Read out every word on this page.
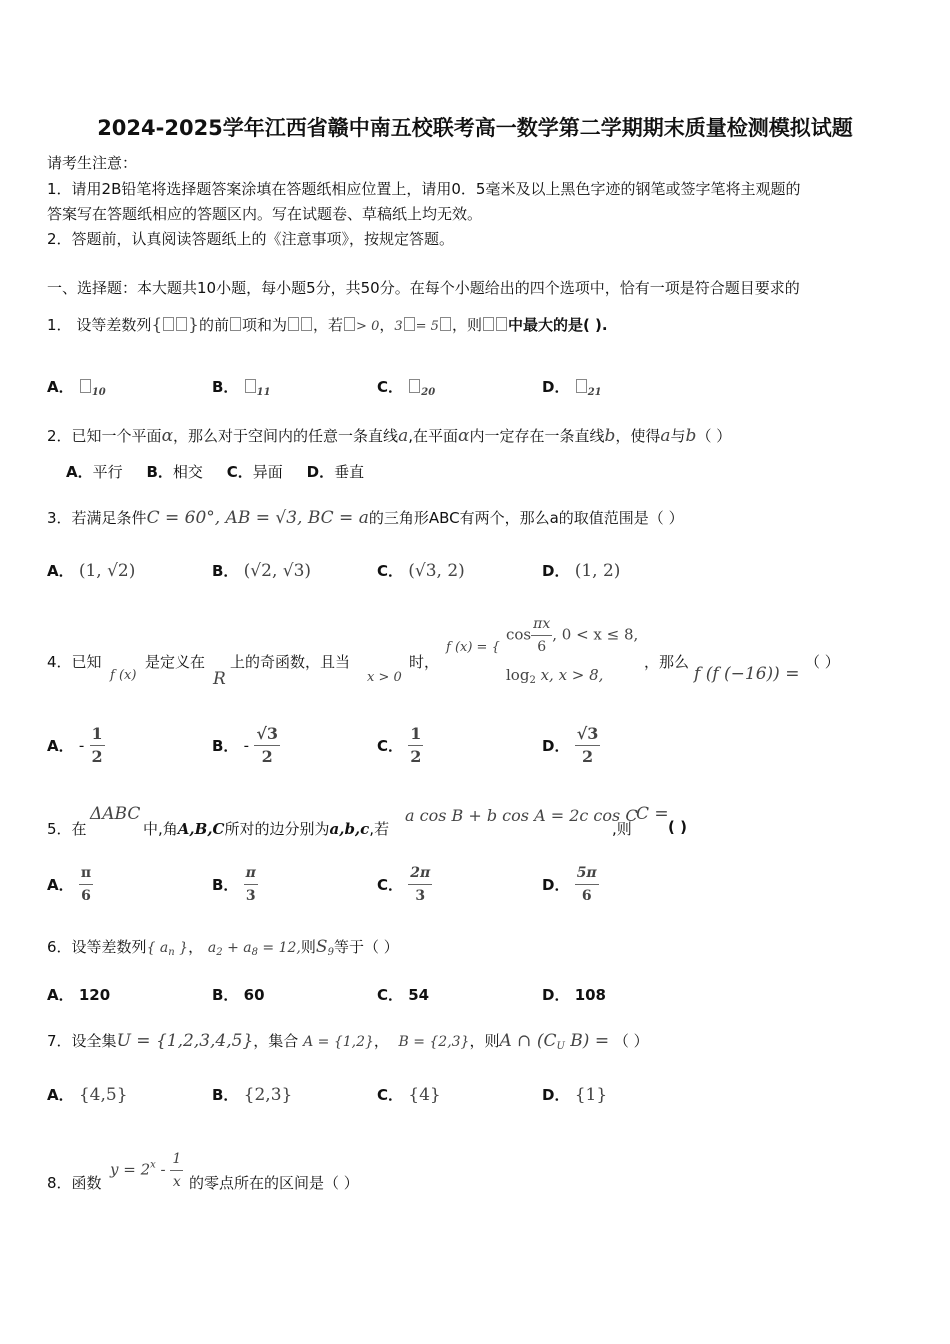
2024-2025学年江西省赣中南五校联考高一数学第二学期期末质量检测模拟试题
请考生注意：
1．请用2B铅笔将选择题答案涂填在答题纸相应位置上，请用0．5毫米及以上黑色字迹的钢笔或签字笔将主观题的
答案写在答题纸相应的答题区内。写在试题卷、草稿纸上均无效。
2．答题前，认真阅读答题纸上的《注意事项》，按规定答题。
一、选择题：本大题共10小题，每小题5分，共50分。在每个小题给出的四个选项中，恰有一项是符合题目要求的
1． 设等差数列{ }的前 项和为 ，若 > 0，3 = 5 ，则 中最大的是( ).
A． $_{10}$	B． $_{11}$	C． $_{20}$	D． $_{21}$
2．已知一个平面α，那么对于空间内的任意一条直线a,在平面α内一定存在一条直线b，使得a与b（ ）
A．平行 B．相交 C．异面 D．垂直
3．若满足条件C = 60°, AB = √3, BC = a的三角形ABC有两个，那么a的取值范围是（ ）
A． (1, √2)	B． (√2, √3)	C． (√3, 2)	D． (1, 2)
4．已知
f (x)
是定义在
R
上的奇函数，且当
x > 0
时，
f (x) = {
$\cos \frac{\pi x}{6}$ , 0 < x ≤ 8,
$\log_2 x$, x > 8,
，那么
f (f (−16)) =
（ ）
A． - $\frac{1}{2}$	B． - $\frac{√3}{2}$	C． $\frac{1}{2}$	D． $\frac{√3}{2}$
5．在
ΔABC
中,角A,B,C所对的边分别为a,b,c,若
a cos B + b cos A = 2c cos C
,则
C =
( )
A． $\frac{\pi}{6}$	B． $\frac{\pi}{3}$	C． $\frac{2\pi}{3}$	D． $\frac{5\pi}{6}$
6．设等差数列{ $a_n$ }， $a_2 + a_8 = 12$,则$S_9$等于（ ）
A． 120	B． 60	C． 54	D． 108
7．设全集U = {1,2,3,4,5}，集合 A = {1,2}， B = {2,3}，则A ∩ ($C_U$ B) = （ ）
A． {4,5}	B． {2,3}	C． {4}	D． {1}
8．函数
$y = 2^x - \frac{1}{x}$ 的零点所在的区间是（ ）
